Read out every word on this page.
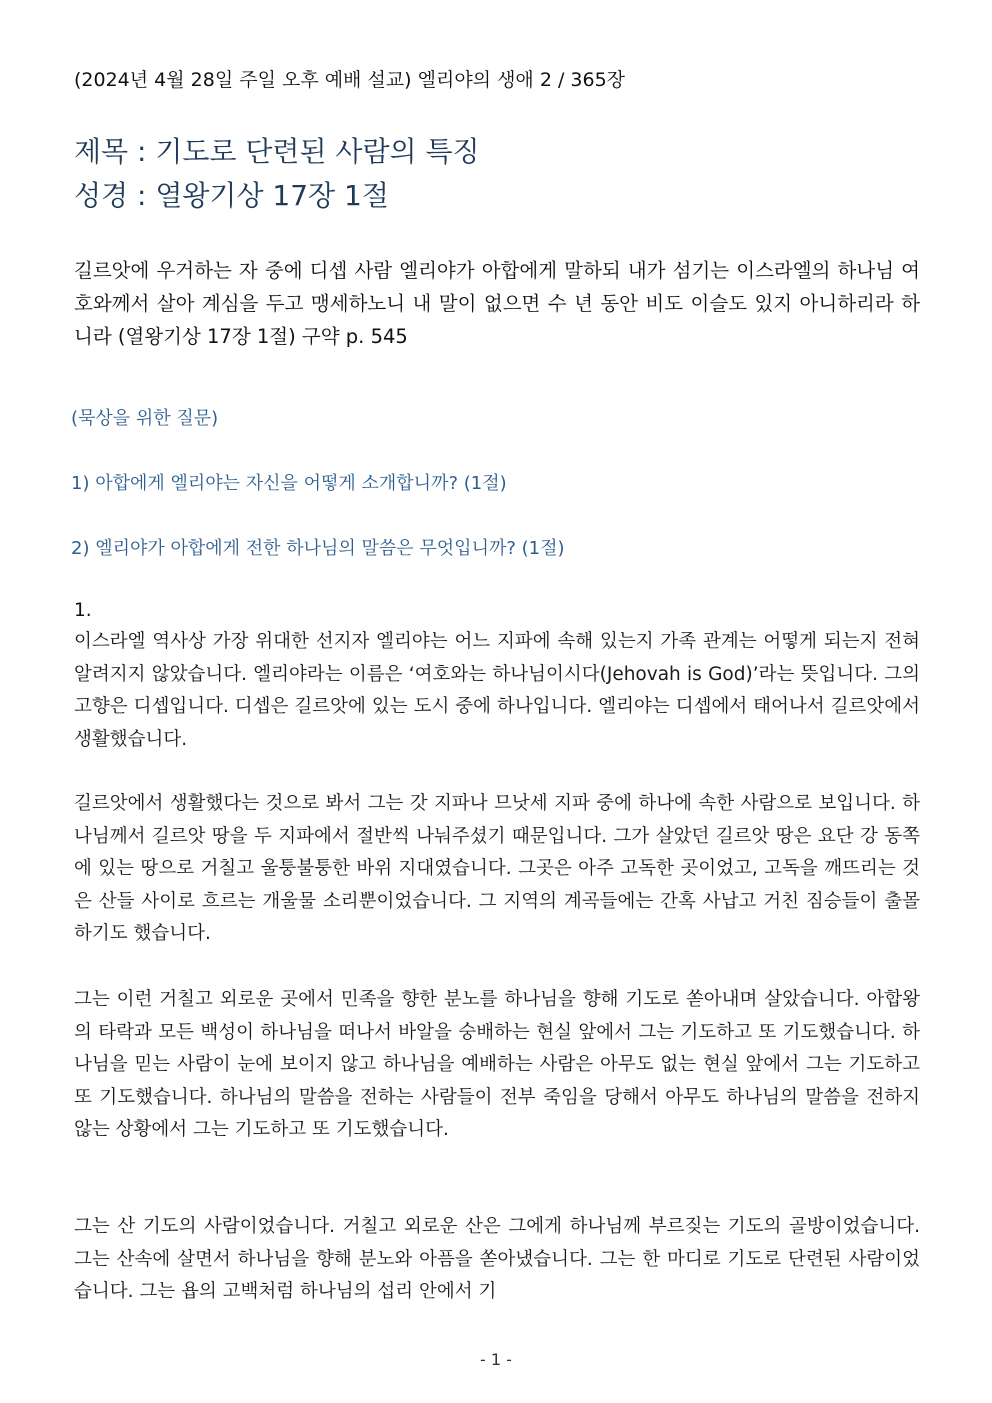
(2024년 4월 28일 주일 오후 예배 설교) 엘리야의 생애 2 / 365장
제목 : 기도로 단련된 사람의 특징
성경 : 열왕기상 17장 1절
길르앗에 우거하는 자 중에 디셉 사람 엘리야가 아합에게 말하되 내가 섬기는 이스라엘의 하나님 여호와께서 살아 계심을 두고 맹세하노니 내 말이 없으면 수 년 동안 비도 이슬도 있지 아니하리라 하니라 (열왕기상 17장 1절) 구약 p. 545
(묵상을 위한 질문)
1) 아합에게 엘리야는 자신을 어떻게 소개합니까? (1절)
2) 엘리야가 아합에게 전한 하나님의 말씀은 무엇입니까? (1절)
1.
이스라엘 역사상 가장 위대한 선지자 엘리야는 어느 지파에 속해 있는지 가족 관계는 어떻게 되는지 전혀 알려지지 않았습니다. 엘리야라는 이름은 ‘여호와는 하나님이시다(Jehovah is God)’라는 뜻입니다. 그의 고향은 디셉입니다. 디셉은 길르앗에 있는 도시 중에 하나입니다. 엘리야는 디셉에서 태어나서 길르앗에서 생활했습니다.
길르앗에서 생활했다는 것으로 봐서 그는 갓 지파나 므낫세 지파 중에 하나에 속한 사람으로 보입니다. 하나님께서 길르앗 땅을 두 지파에서 절반씩 나눠주셨기 때문입니다. 그가 살았던 길르앗 땅은 요단 강 동쪽에 있는 땅으로 거칠고 울퉁불퉁한 바위 지대였습니다. 그곳은 아주 고독한 곳이었고, 고독을 깨뜨리는 것은 산들 사이로 흐르는 개울물 소리뿐이었습니다. 그 지역의 계곡들에는 간혹 사납고 거친 짐승들이 출몰하기도 했습니다.
그는 이런 거칠고 외로운 곳에서 민족을 향한 분노를 하나님을 향해 기도로 쏟아내며 살았습니다. 아합왕의 타락과 모든 백성이 하나님을 떠나서 바알을 숭배하는 현실 앞에서 그는 기도하고 또 기도했습니다. 하나님을 믿는 사람이 눈에 보이지 않고 하나님을 예배하는 사람은 아무도 없는 현실 앞에서 그는 기도하고 또 기도했습니다. 하나님의 말씀을 전하는 사람들이 전부 죽임을 당해서 아무도 하나님의 말씀을 전하지 않는 상황에서 그는 기도하고 또 기도했습니다.
그는 산 기도의 사람이었습니다. 거칠고 외로운 산은 그에게 하나님께 부르짖는 기도의 골방이었습니다. 그는 산속에 살면서 하나님을 향해 분노와 아픔을 쏟아냈습니다. 그는 한 마디로 기도로 단련된 사람이었습니다. 그는 욥의 고백처럼 하나님의 섭리 안에서 기
- 1 -
